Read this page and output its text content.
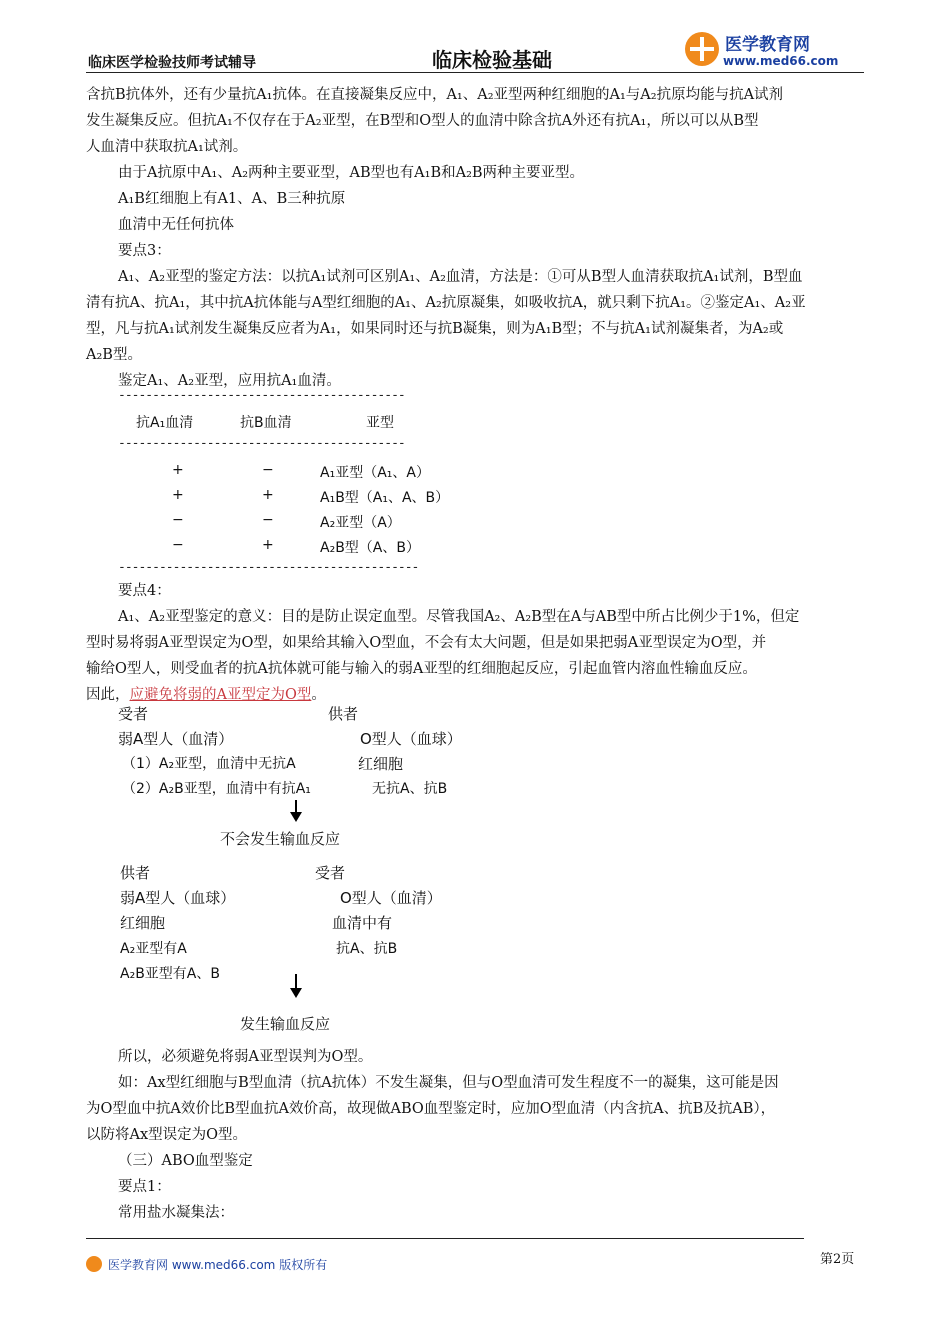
临床医学检验技师考试辅导	临床检验基础
医学教育网
www.med66.com
含抗B抗体外，还有少量抗A₁抗体。在直接凝集反应中，A₁、A₂亚型两种红细胞的A₁与A₂抗原均能与抗A试剂
发生凝集反应。但抗A₁不仅存在于A₂亚型，在B型和O型人的血清中除含抗A外还有抗A₁，所以可以从B型
人血清中获取抗A₁试剂。
由于A抗原中A₁、A₂两种主要亚型，AB型也有A₁B和A₂B两种主要亚型。
A₁B红细胞上有A1、A、B三种抗原
血清中无任何抗体
要点3：
A₁、A₂亚型的鉴定方法：以抗A₁试剂可区别A₁、A₂血清，方法是：①可从B型人血清获取抗A₁试剂，B型血
清有抗A、抗A₁，其中抗A抗体能与A型红细胞的A₁、A₂抗原凝集，如吸收抗A，就只剩下抗A₁。②鉴定A₁、A₂亚
型，凡与抗A₁试剂发生凝集反应者为A₁，如果同时还与抗B凝集，则为A₁B型；不与抗A₁试剂凝集者，为A₂或
A₂B型。
鉴定A₁、A₂亚型，应用抗A₁血清。
------------------------------------------
抗A₁血清	抗B血清	亚型
------------------------------------------
+	−	A₁亚型（A₁、A）
+	+	A₁B型（A₁、A、B）
−	−	A₂亚型（A）
−	+	A₂B型（A、B）
--------------------------------------------
要点4：
A₁、A₂亚型鉴定的意义：目的是防止误定血型。尽管我国A₂、A₂B型在A与AB型中所占比例少于1%，但定
型时易将弱A亚型误定为O型，如果给其输入O型血，不会有太大问题，但是如果把弱A亚型误定为O型，并
输给O型人，则受血者的抗A抗体就可能与输入的弱A亚型的红细胞起反应，引起血管内溶血性输血反应。
因此，应避免将弱的A亚型定为O型。
受者	供者
弱A型人（血清）	O型人（血球）
（1）A₂亚型，血清中无抗A	红细胞
（2）A₂B亚型，血清中有抗A₁	无抗A、抗B
不会发生输血反应
供者	受者
弱A型人（血球）	O型人（血清）
红细胞	血清中有
A₂亚型有A	抗A、抗B
A₂B亚型有A、B
发生输血反应
所以，必须避免将弱A亚型误判为O型。
如：Ax型红细胞与B型血清（抗A抗体）不发生凝集，但与O型血清可发生程度不一的凝集，这可能是因
为O型血中抗A效价比B型血抗A效价高，故现做ABO血型鉴定时，应加O型血清（内含抗A、抗B及抗AB），
以防将Ax型误定为O型。
（三）ABO血型鉴定
要点1：
常用盐水凝集法：
医学教育网 www.med66.com 版权所有	第2页
